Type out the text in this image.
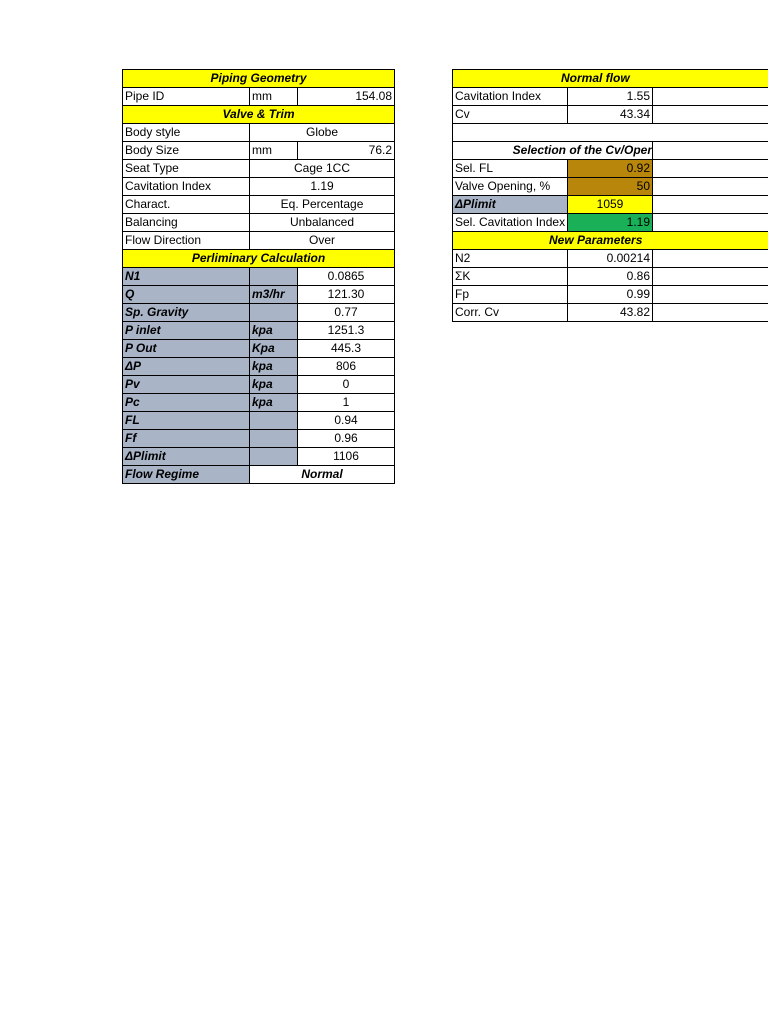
Piping Geometry		
Pipe ID	mm	154.08
Valve & Trim		
Body style	Globe	
Body Size	mm	76.2
Seat Type	Cage 1CC	
Cavitation Index	1.19	
Charact.	Eq. Percentage	
Balancing	Unbalanced	
Flow Direction	Over	
Perliminary Calculation		
N1		0.0865
Q	m3/hr	121.30
Sp. Gravity		0.77
P inlet	kpa	1251.3
P Out	Kpa	445.3
ΔP	kpa	806
Pv	kpa	0
Pc	kpa	1
FL		0.94
Ff		0.96
ΔPlimit		1106
Flow Regime	Normal	
Normal flow		
Cavitation Index	1.55	
Cv	43.34	

Selection of the Cv/Oper		
Sel. FL	0.92	
Valve Opening, %	50	
ΔPlimit	1059	
Sel. Cavitation Index	1.19	
New Parameters		
N2	0.00214	
ΣK	0.86	
Fp	0.99	
Corr. Cv	43.82	
